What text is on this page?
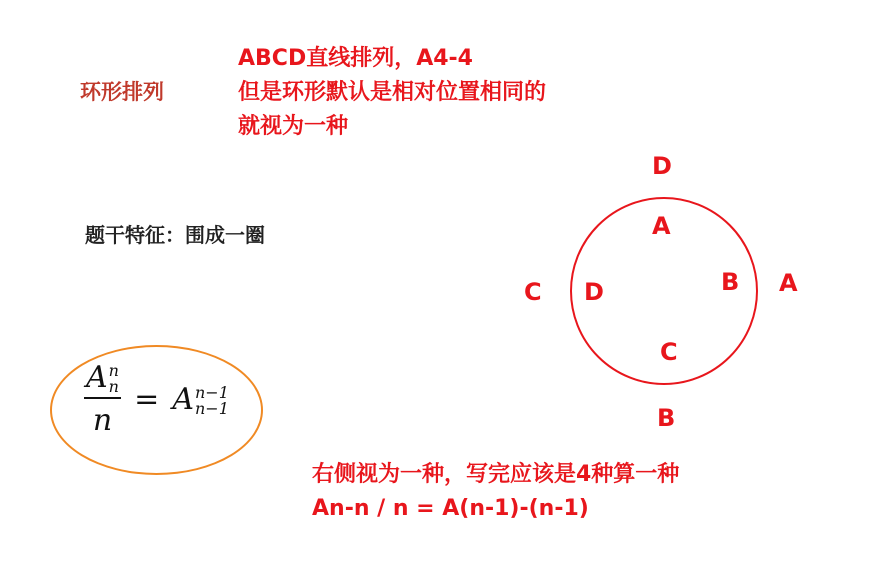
环形排列
ABCD直线排列，A4-4
但是环形默认是相对位置相同的
就视为一种
题干特征：围成一圈
A n
n
n = A n−1
n−1
D
A
B
C
A
B
C
D
右侧视为一种，写完应该是4种算一种
An-n / n = A(n-1)-(n-1)
